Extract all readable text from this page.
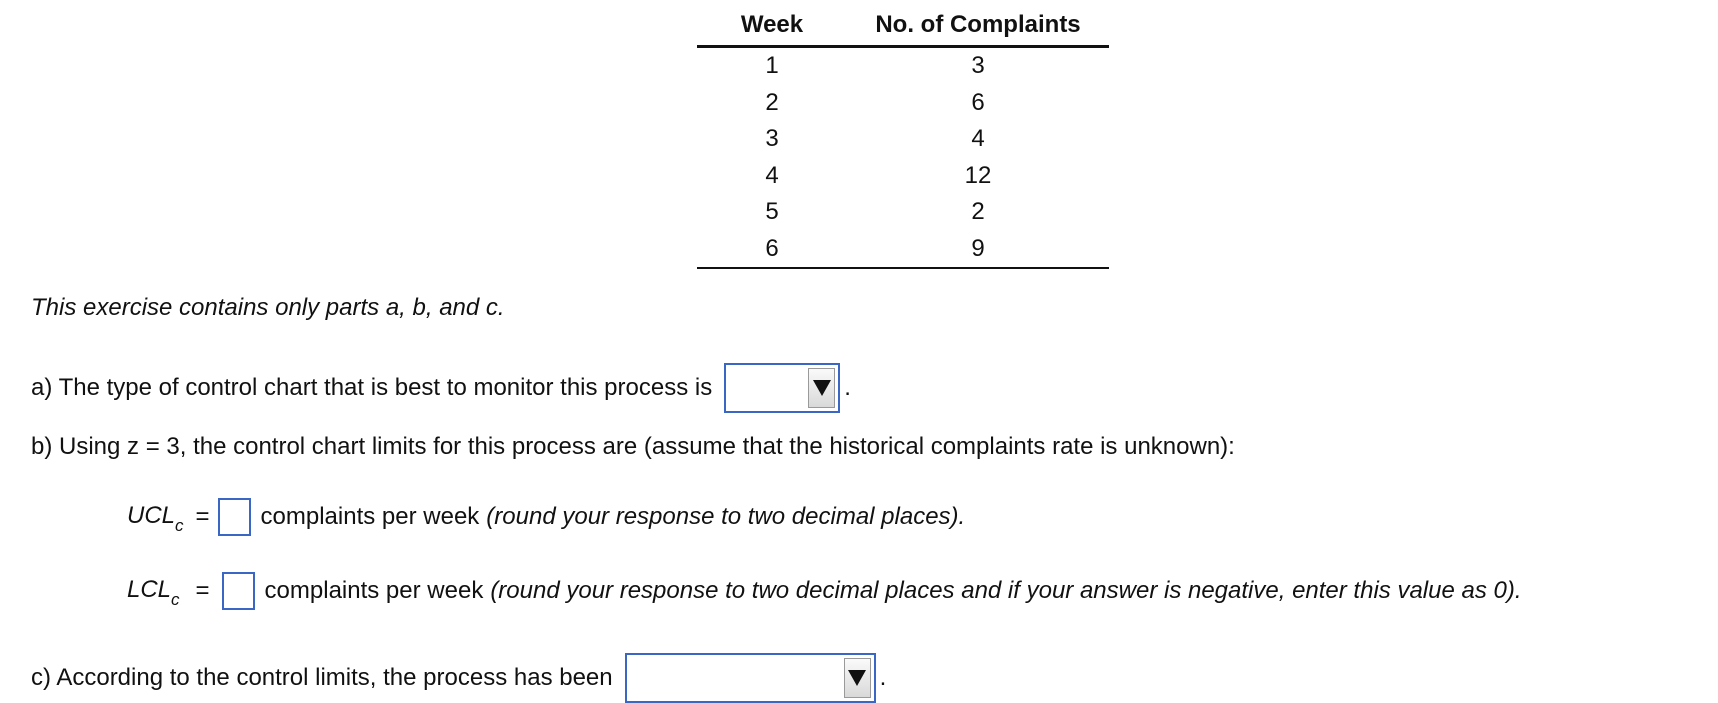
Week	No. of Complaints
1	3
2	6
3	4
4	12
5	2
6	9
This exercise contains only parts a, b, and c.
a) The type of control chart that is best to monitor this process is	.
b) Using z = 3, the control chart limits for this process are (assume that the historical complaints rate is unknown):
$UCL_c$ = complaints per week (round your response to two decimal places).
$LCL_c$ = complaints per week (round your response to two decimal places and if your answer is negative, enter this value as 0).
c) According to the control limits, the process has been	.
